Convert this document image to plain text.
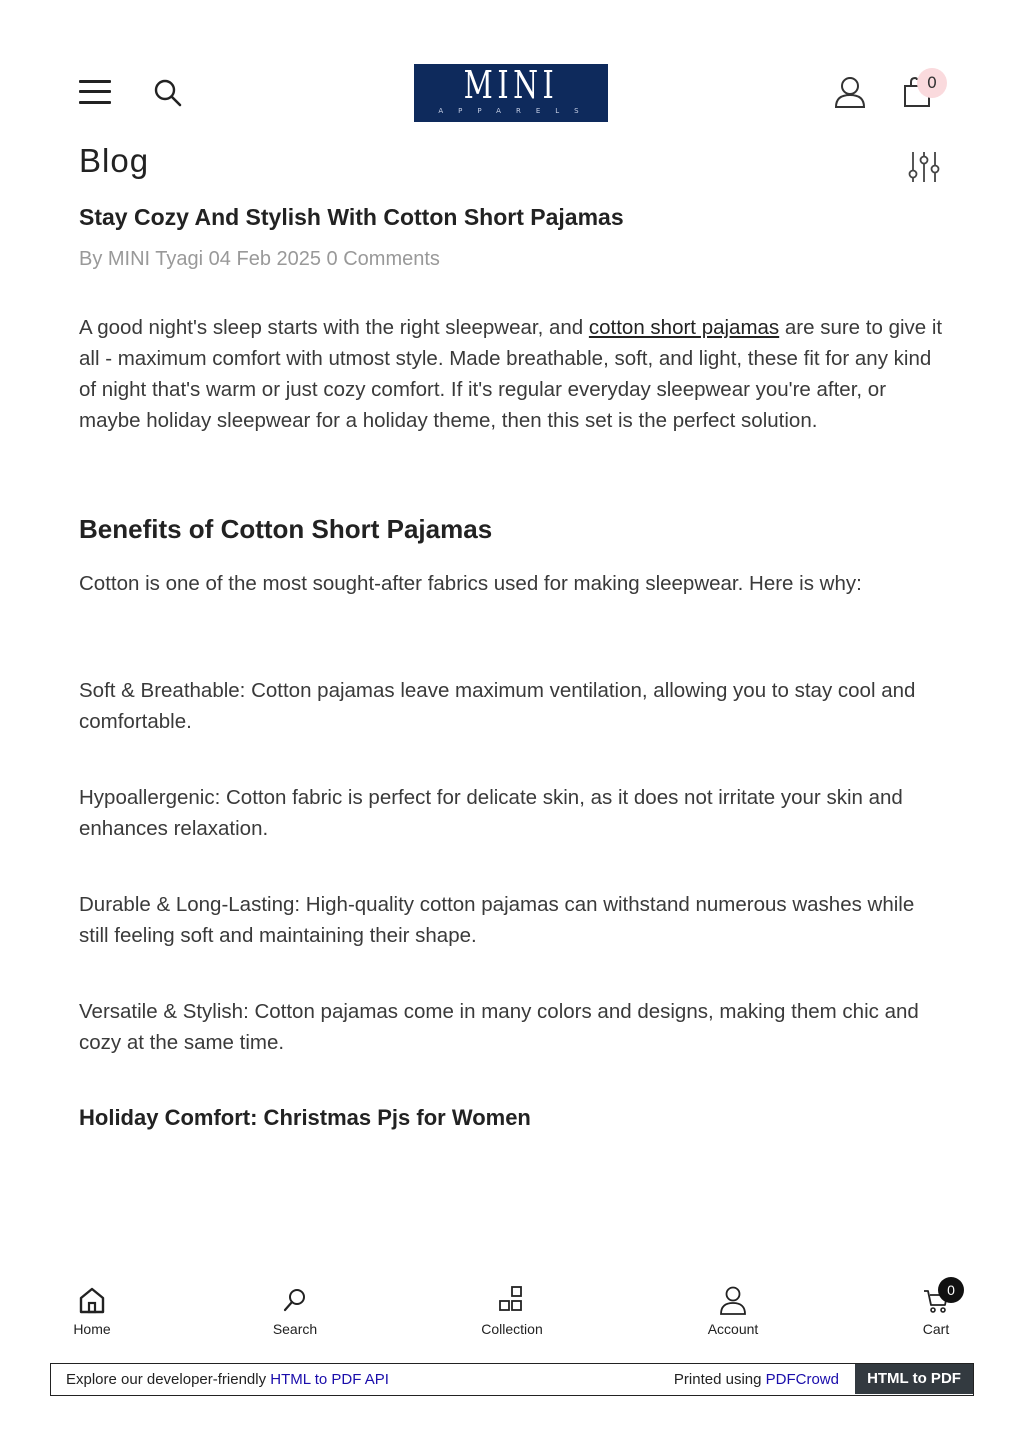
MINI
APPARELS
0
Blog
Stay Cozy And Stylish With Cotton Short Pajamas
By MINI Tyagi 04 Feb 2025 0 Comments

A good night's sleep starts with the right sleepwear, and cotton short pajamas are sure to give it all - maximum comfort with utmost style. Made breathable, soft, and light, these fit for any kind of night that's warm or just cozy comfort. If it's regular everyday sleepwear you're after, or maybe holiday sleepwear for a holiday theme, then this set is the perfect solution.

Benefits of Cotton Short Pajamas

Cotton is one of the most sought-after fabrics used for making sleepwear. Here is why:

Soft & Breathable: Cotton pajamas leave maximum ventilation, allowing you to stay cool and comfortable.

Hypoallergenic: Cotton fabric is perfect for delicate skin, as it does not irritate your skin and enhances relaxation.

Durable & Long-Lasting: High-quality cotton pajamas can withstand numerous washes while still feeling soft and maintaining their shape.

Versatile & Stylish: Cotton pajamas come in many colors and designs, making them chic and cozy at the same time.

Holiday Comfort: Christmas Pjs for Women
Home	Search	Collection	Account	Cart
0
Explore our developer-friendly HTML to PDF API	Printed using PDFCrowd	HTML to PDF
